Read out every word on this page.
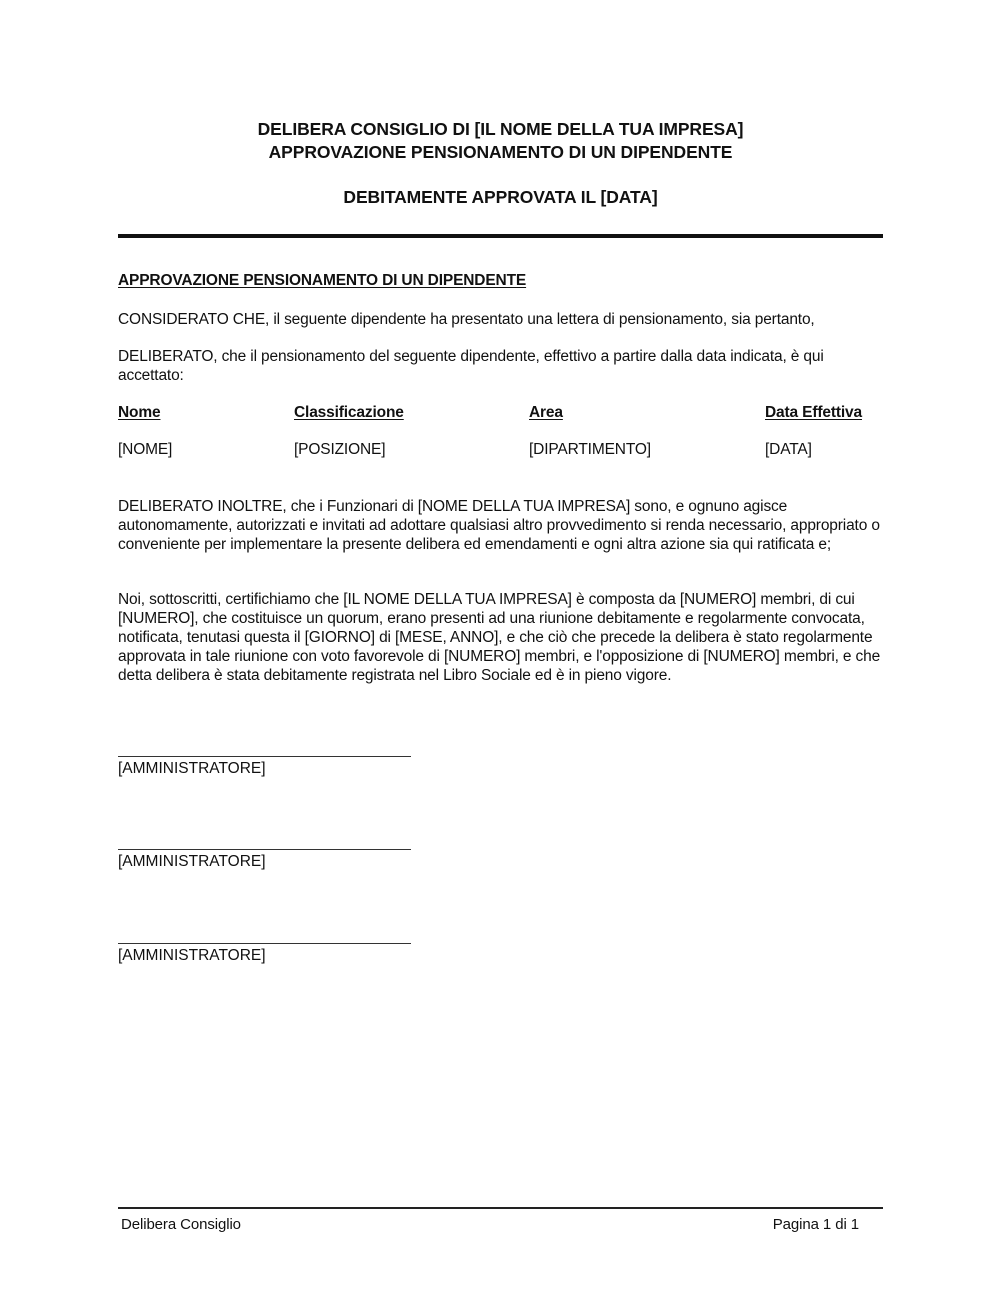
DELIBERA CONSIGLIO DI [IL NOME DELLA TUA IMPRESA]
APPROVAZIONE PENSIONAMENTO DI UN DIPENDENTE
DEBITAMENTE APPROVATA IL [DATA]
APPROVAZIONE PENSIONAMENTO DI UN DIPENDENTE
CONSIDERATO CHE, il seguente dipendente ha presentato una lettera di pensionamento, sia pertanto,
DELIBERATO, che il pensionamento del seguente dipendente, effettivo a partire dalla data indicata, è qui accettato:
Nome	Classificazione	Area	Data Effettiva
[NOME]	[POSIZIONE]	[DIPARTIMENTO]	[DATA]
DELIBERATO INOLTRE, che i Funzionari di [NOME DELLA TUA IMPRESA] sono, e ognuno agisce autonomamente, autorizzati e invitati ad adottare qualsiasi altro provvedimento si renda necessario, appropriato o conveniente per implementare la presente delibera ed emendamenti e ogni altra azione sia qui ratificata e;
Noi, sottoscritti, certifichiamo che [IL NOME DELLA TUA IMPRESA] è composta da [NUMERO] membri, di cui [NUMERO], che costituisce un quorum, erano presenti ad una riunione debitamente e regolarmente convocata, notificata, tenutasi questa il [GIORNO] di [MESE, ANNO], e che ciò che precede la delibera è stato regolarmente approvata in tale riunione con voto favorevole di [NUMERO] membri, e l'opposizione di [NUMERO] membri, e che detta delibera è stata debitamente registrata nel Libro Sociale ed è in pieno vigore.
[AMMINISTRATORE]
[AMMINISTRATORE]
[AMMINISTRATORE]
Delibera Consiglio	Pagina 1 di 1
